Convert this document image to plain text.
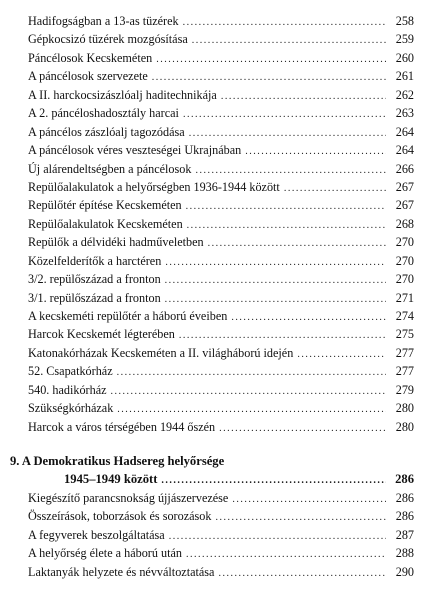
Hadifogságban a 13-as tüzérek .....	258
Gépkocsizó tüzérek mozgósítása .....	259
Páncélosok Kecskeméten .....	260
A páncélosok szervezete .....	261
A II. harckocsizászlóalj haditechnikája .....	262
A 2. páncéloshadosztály harcai .....	263
A páncélos zászlóalj tagozódása .....	264
A páncélosok véres veszteségei Ukrajnában .....	264
Új alárendeltségben a páncélosok .....	266
Repülőalakulatok a helyőrségben 1936-1944 között .....	267
Repülőtér építése Kecskeméten .....	267
Repülőalakulatok Kecskeméten .....	268
Repülők a délvidéki hadműveletben .....	270
Közelfelderítők a harctéren .....	270
3/2. repülőszázad a fronton .....	270
3/1. repülőszázad a fronton .....	271
A kecskeméti repülőtér a háború éveiben .....	274
Harcok Kecskemét légterében .....	275
Katonakórházak Kecskeméten a II. világháború idején .....	277
52. Csapatkórház .....	277
540. hadikórház .....	279
Szükségkórházak .....	280
Harcok a város térségében 1944 őszén .....	280
9. A Demokratikus Hadsereg helyőrsége
1945–1949 között .....	286
Kiegészítő parancsnokság újjászervezése .....	286
Összeírások, toborzások és sorozások .....	286
A fegyverek beszolgáltatása .....	287
A helyőrség élete a háború után .....	288
Laktanyák helyzete és névváltoztatása .....	290
